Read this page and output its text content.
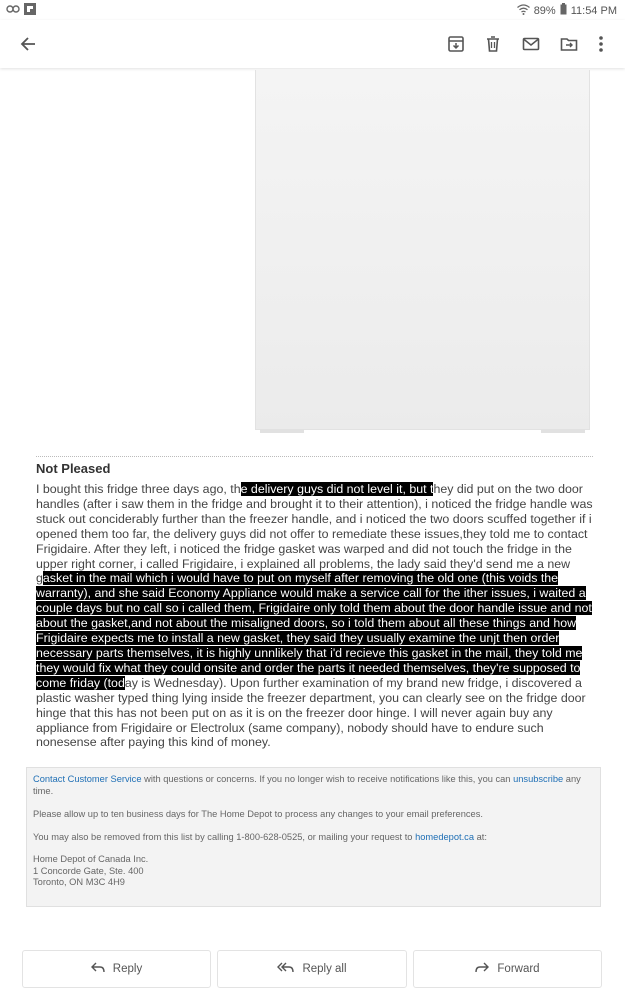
89% 11:54 PM
Not Pleased
I bought this fridge three days ago, the delivery guys did not level it, but they did put on the two door handles (after i saw them in the fridge and brought it to their attention), i noticed the fridge handle was stuck out conciderably further than the freezer handle, and i noticed the two doors scuffed together if i opened them too far, the delivery guys did not offer to remediate these issues,they told me to contact Frigidaire. After they left, i noticed the fridge gasket was warped and did not touch the fridge in the upper right corner, i called Frigidaire, i explained all problems, the lady said they'd send me a new gasket in the mail which i would have to put on myself after removing the old one (this voids the warranty), and she said Economy Appliance would make a service call for the ither issues, i waited a couple days but no call so i called them, Frigidaire only told them about the door handle issue and not about the gasket,and not about the misaligned doors, so i told them about all these things and how Frigidaire expects me to install a new gasket, they said they usually examine the unjt then order necessary parts themselves, it is highly unnlikely that i'd recieve this gasket in the mail, they told me they would fix what they could onsite and order the parts it needed themselves, they're supposed to come friday (today is Wednesday). Upon further examination of my brand new fridge, i discovered a plastic washer typed thing lying inside the freezer department, you can clearly see on the fridge door hinge that this has not been put on as it is on the freezer door hinge. I will never again buy any appliance from Frigidaire or Electrolux (same company), nobody should have to endure such nonesense after paying this kind of money.

Contact Customer Service with questions or concerns. If you no longer wish to receive notifications like this, you can unsubscribe any time.

Please allow up to ten business days for The Home Depot to process any changes to your email preferences.

You may also be removed from this list by calling 1-800-628-0525, or mailing your request to homedepot.ca at:

Home Depot of Canada Inc.
1 Concorde Gate, Ste. 400
Toronto, ON M3C 4H9
Reply	Reply all	Forward
